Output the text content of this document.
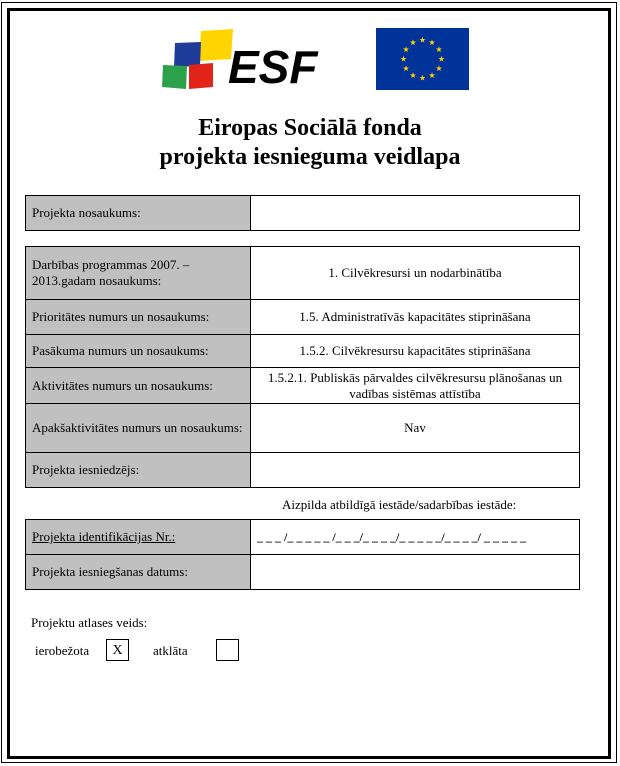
ESF
Eiropas Sociālā fonda
projekta iesnieguma veidlapa
Projekta nosaukums:	
Darbības programmas 2007. – 2013.gadam nosaukums:	1. Cilvēkresursi un nodarbinātība
Prioritātes numurs un nosaukums:	1.5. Administratīvās kapacitātes stiprināšana
Pasākuma numurs un nosaukums:	1.5.2. Cilvēkresursu kapacitātes stiprināšana
Aktivitātes numurs un nosaukums:	1.5.2.1. Publiskās pārvaldes cilvēkresursu plānošanas un vadības sistēmas attīstība
Apakšaktivitātes numurs un nosaukums:	Nav
Projekta iesniedzējs:	
Aizpilda atbildīgā iestāde/sadarbības iestāde:
Projekta identifikācijas Nr.:	_ _ _ /_ _ _ _ _ /_ _ _/_ _ _ _/_ _ _ _ _/_ _ _ _/ _ _ _ _ _
Projekta iesniegšanas datums:	
Projektu atlases veids:
ierobežota	X	atklāta
